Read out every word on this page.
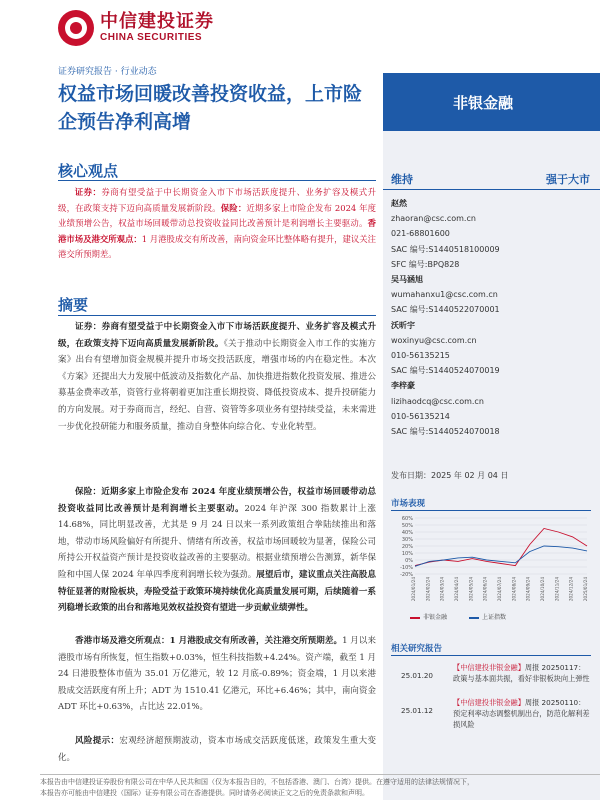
中信建投证券
CHINA SECURITIES
证券研究报告 · 行业动态
权益市场回暖改善投资收益，上市险企预告净利高增
非银金融
核心观点
证券：券商有望受益于中长期资金入市下市场活跃度提升、业务扩容及模式升级，在政策支持下迈向高质量发展新阶段。保险：近期多家上市险企发布 2024 年度业绩预增公告，权益市场回暖带动总投资收益同比改善预计是利润增长主要驱动。香港市场及港交所观点：1 月港股成交有所改善，南向资金环比整体略有提升，建议关注港交所预期差。
摘要
证券：券商有望受益于中长期资金入市下市场活跃度提升、业务扩容及模式升级，在政策支持下迈向高质量发展新阶段。《关于推动中长期资金入市工作的实施方案》出台有望增加资金规模并提升市场交投活跃度，增强市场的内在稳定性。本次《方案》还提出大力发展中低波动及指数化产品、加快推进指数化投资发展、推进公募基金费率改革，资管行业将朝着更加注重长期投资、降低投资成本、提升投研能力的方向发展。对于券商而言，经纪、自营、资管等多项业务有望持续受益，未来需进一步优化投研能力和服务质量，推动自身整体向综合化、专业化转型。
保险：近期多家上市险企发布 2024 年度业绩预增公告，权益市场回暖带动总投资收益同比改善预计是利润增长主要驱动。2024 年沪深 300 指数累计上涨 14.68%，同比明显改善，尤其是 9 月 24 日以来一系列政策组合拳陆续推出和落地，带动市场风险偏好有所提升、情绪有所改善，权益市场回暖较为显著，保险公司所持公开权益资产预计是投资收益改善的主要驱动。根据业绩预增公告测算，新华保险和中国人保 2024 年单四季度利润增长较为强劲。展望后市，建议重点关注高股息特征显著的财险板块，寿险受益于政策环境持续优化高质量发展可期，后续随着一系列稳增长政策的出台和落地见效权益投资有望进一步贡献业绩弹性。
香港市场及港交所观点：1 月港股成交有所改善，关注港交所预期差。1 月以来港股市场有所恢复，恒生指数+0.03%，恒生科技指数+4.24%。资产端，截至 1 月 24 日港股整体市值为 35.01 万亿港元，较 12 月底-0.89%；资金端，1 月以来港股成交活跃度有所上升；ADT 为 1510.41 亿港元，环比+6.46%；其中，南向资金 ADT 环比+0.63%，占比达 22.01%。
风险提示：宏观经济超预期波动，资本市场成交活跃度低迷，政策发生重大变化。
维持	强于大市
赵然
zhaoran@csc.com.cn
021-68801600
SAC 编号:S1440518100009
SFC 编号:BPQ828
吴马涵旭
wumahanxu1@csc.com.cn
SAC 编号:S1440522070001
沃昕宇
woxinyu@csc.com.cn
010-56135215
SAC 编号:S1440524070019
李梓豪
lizihaodcq@csc.com.cn
010-56135214
SAC 编号:S1440524070018
发布日期：2025 年 02 月 04 日
市场表现
60%
50%
40%
30%
20%
10%
0%
-10%
-20%
2024/01/24 2024/02/24 2024/03/24 2024/04/24 2024/05/24 2024/06/24 2024/07/24 2024/08/24 2024/09/24 2024/10/24 2024/11/24 2024/12/24 2025/01/24
非银金融	上证指数
相关研究报告
25.01.20
【中信建投非银金融】周报 20250117：政策与基本面共振，看好非银板块向上弹性
25.01.12
【中信建投非银金融】周报 20250110：预定利率动态调整机制出台，防范化解利差损风险
本报告由中信建投证券股份有限公司在中华人民共和国（仅为本报告目的，不包括香港、澳门、台湾）提供。在遵守适用的法律法规情况下，
本报告亦可能由中信建投（国际）证券有限公司在香港提供。同时请务必阅读正文之后的免责条款和声明。
